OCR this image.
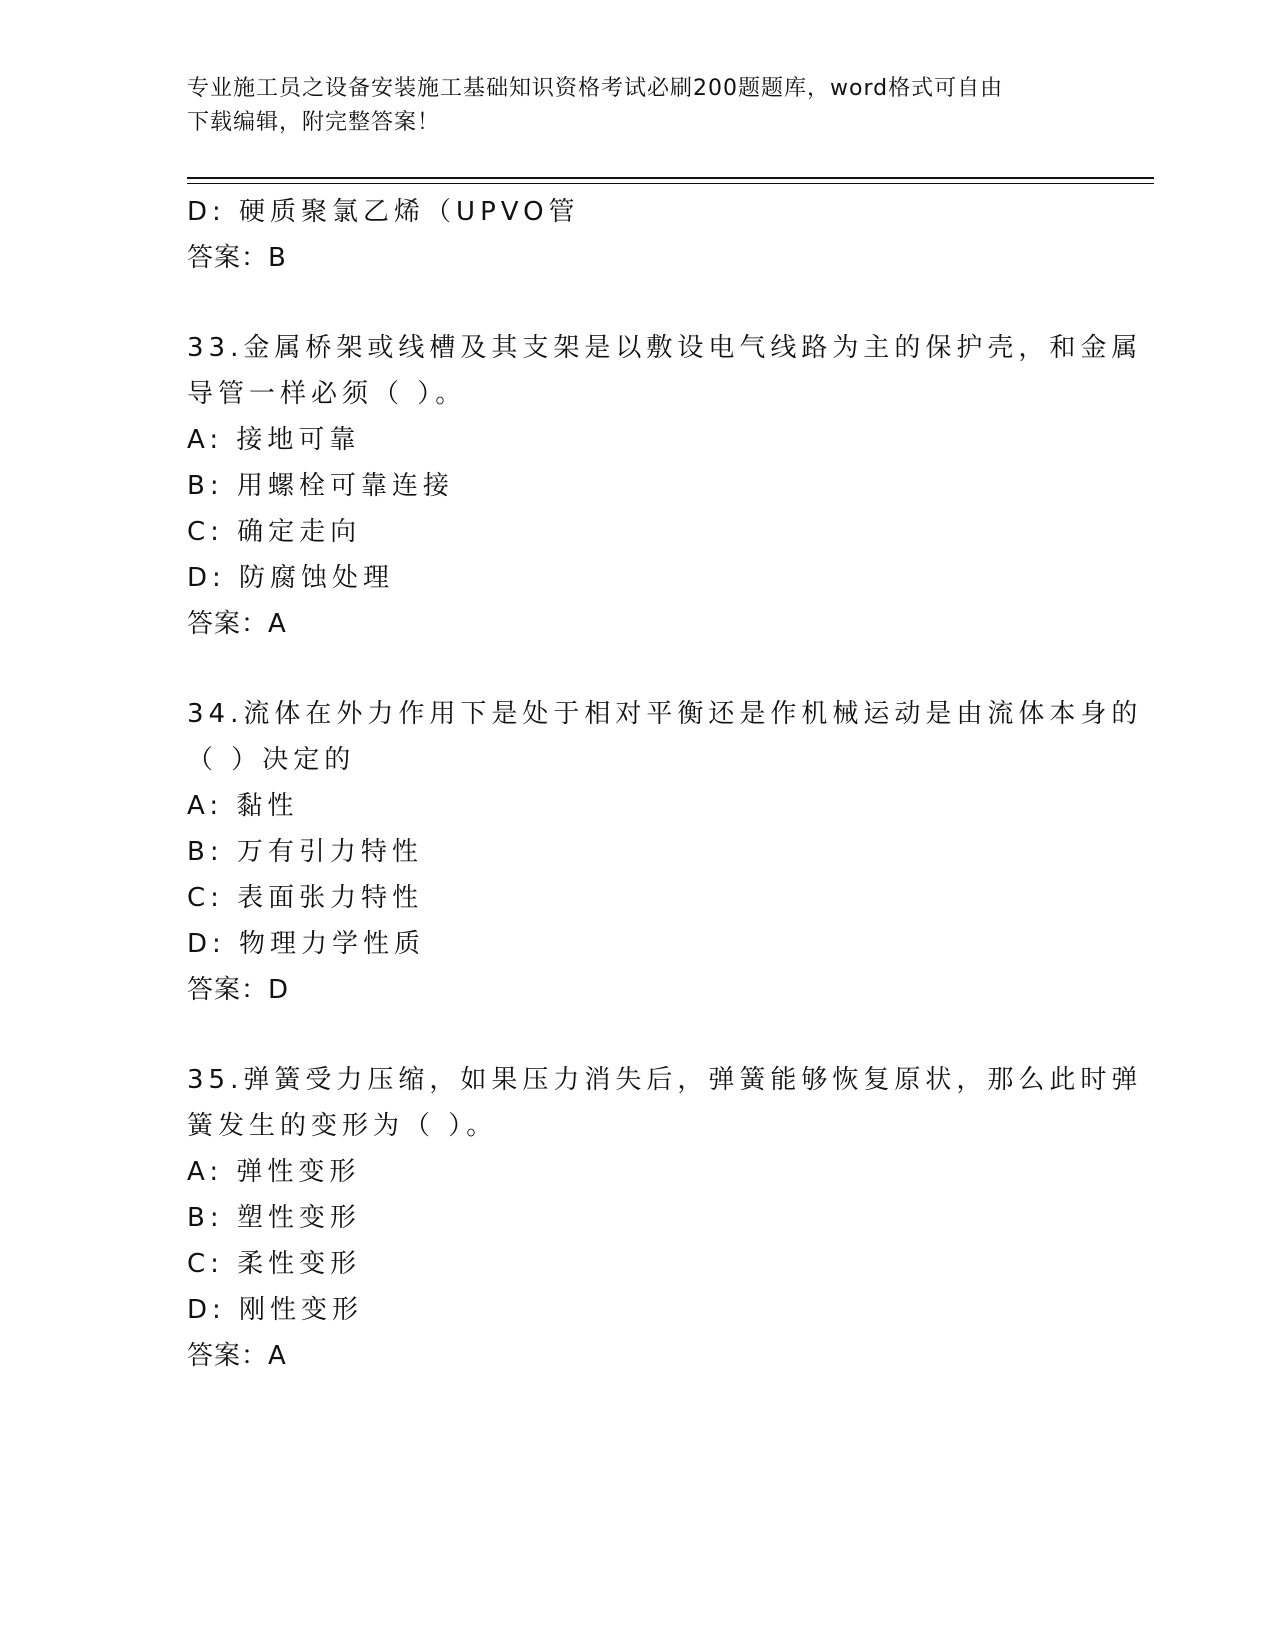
专业施工员之设备安装施工基础知识资格考试必刷200题题库，word格式可自由
下载编辑，附完整答案！
D: 硬质聚氯乙烯（UPVO管
答案：B
33.金属桥架或线槽及其支架是以敷设电气线路为主的保护壳，和金属
导管一样必须（ ）。
A: 接地可靠
B: 用螺栓可靠连接
C: 确定走向
D: 防腐蚀处理
答案：A
34.流体在外力作用下是处于相对平衡还是作机械运动是由流体本身的
（ ）决定的
A: 黏性
B: 万有引力特性
C: 表面张力特性
D: 物理力学性质
答案：D
35.弹簧受力压缩，如果压力消失后，弹簧能够恢复原状，那么此时弹
簧发生的变形为（ ）。
A: 弹性变形
B: 塑性变形
C: 柔性变形
D: 刚性变形
答案：A
